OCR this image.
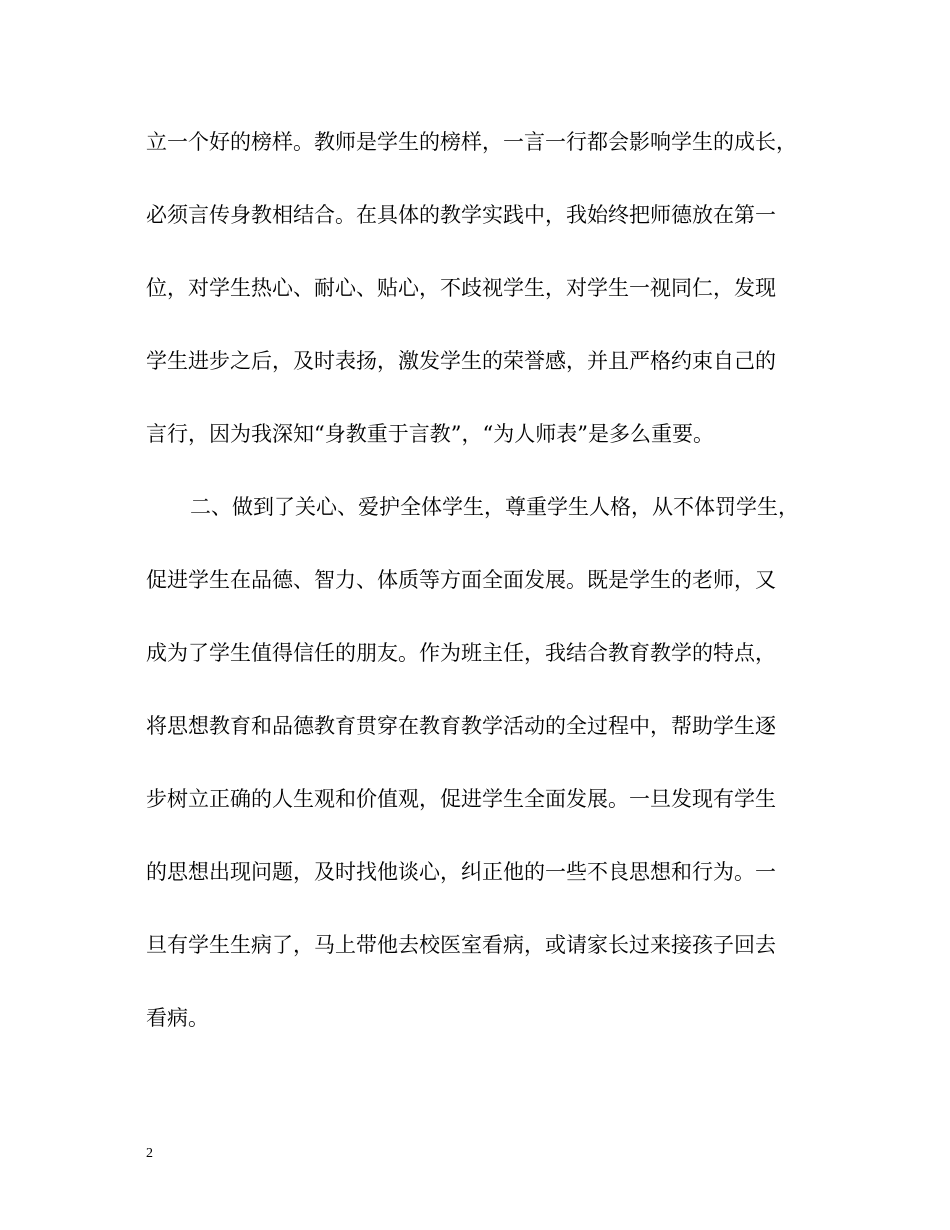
立一个好的榜样。教师是学生的榜样，一言一行都会影响学生的成长，
必须言传身教相结合。在具体的教学实践中，我始终把师德放在第一
位，对学生热心、耐心、贴心，不歧视学生，对学生一视同仁，发现
学生进步之后，及时表扬，激发学生的荣誉感，并且严格约束自己的
言行，因为我深知“身教重于言教”，“为人师表”是多么重要。
二、做到了关心、爱护全体学生，尊重学生人格，从不体罚学生，
促进学生在品德、智力、体质等方面全面发展。既是学生的老师，又
成为了学生值得信任的朋友。作为班主任，我结合教育教学的特点，
将思想教育和品德教育贯穿在教育教学活动的全过程中，帮助学生逐
步树立正确的人生观和价值观，促进学生全面发展。一旦发现有学生
的思想出现问题，及时找他谈心，纠正他的一些不良思想和行为。一
旦有学生生病了，马上带他去校医室看病，或请家长过来接孩子回去
看病。
2
